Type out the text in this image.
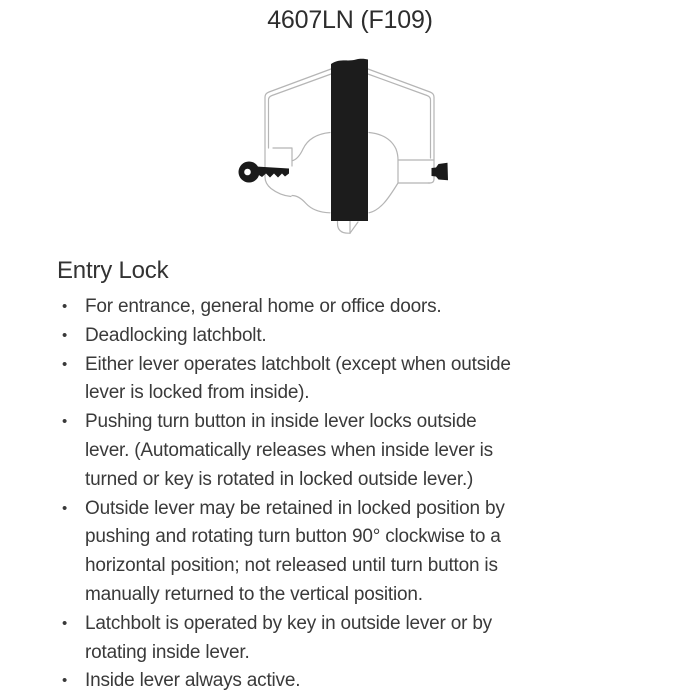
4607LN (F109)
Entry Lock
• For entrance, general home or office doors.
• Deadlocking latchbolt.
• Either lever operates latchbolt (except when outside
lever is locked from inside).
• Pushing turn button in inside lever locks outside
lever. (Automatically releases when inside lever is
turned or key is rotated in locked outside lever.)
• Outside lever may be retained in locked position by
pushing and rotating turn button 90° clockwise to a
horizontal position; not released until turn button is
manually returned to the vertical position.
• Latchbolt is operated by key in outside lever or by
rotating inside lever.
• Inside lever always active.
